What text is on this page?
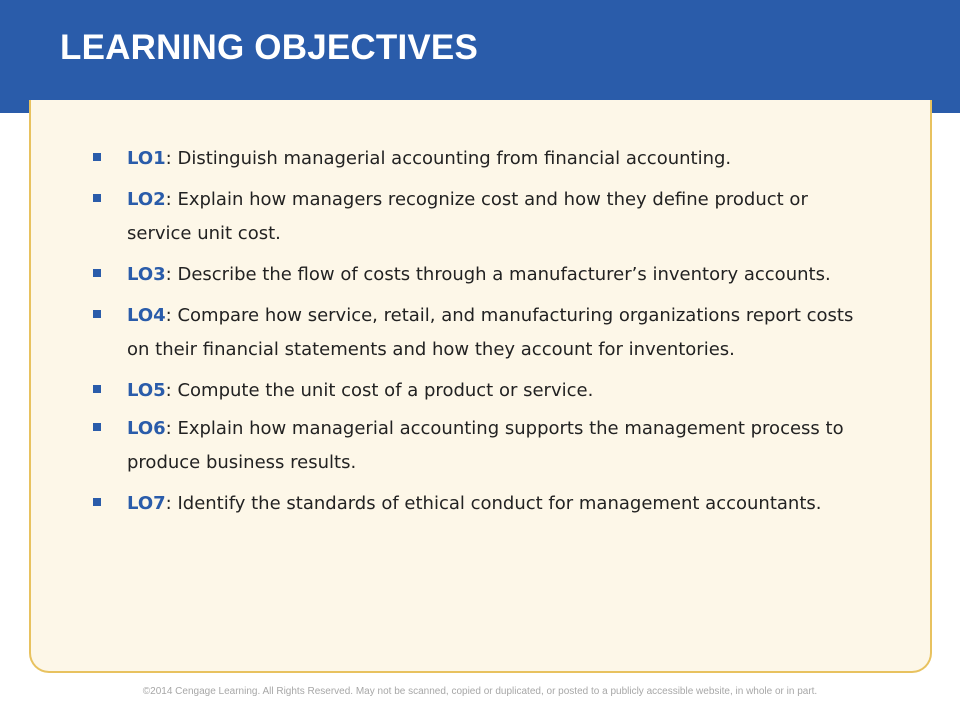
LEARNING OBJECTIVES
LO1: Distinguish managerial accounting from financial accounting.
LO2: Explain how managers recognize cost and how they define product or service unit cost.
LO3: Describe the flow of costs through a manufacturer’s inventory accounts.
LO4: Compare how service, retail, and manufacturing organizations report costs on their financial statements and how they account for inventories.
LO5: Compute the unit cost of a product or service.
LO6: Explain how managerial accounting supports the management process to produce business results.
LO7: Identify the standards of ethical conduct for management accountants.
©2014 Cengage Learning. All Rights Reserved. May not be scanned, copied or duplicated, or posted to a publicly accessible website, in whole or in part.
